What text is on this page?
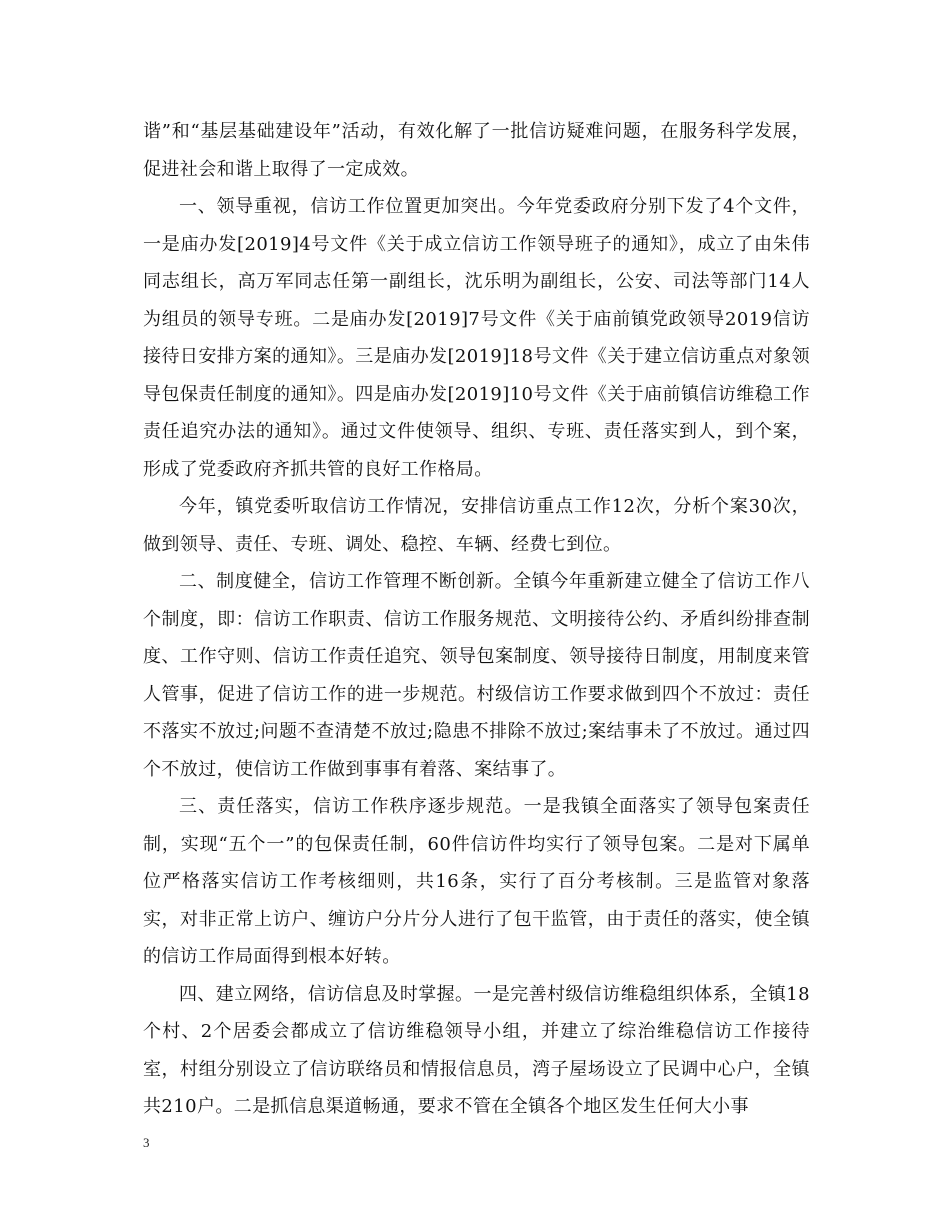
谐”和“基层基础建设年”活动，有效化解了一批信访疑难问题，在服务科学发展，促进社会和谐上取得了一定成效。

一、领导重视，信访工作位置更加突出。今年党委政府分别下发了4个文件，一是庙办发[2019]4号文件《关于成立信访工作领导班子的通知》，成立了由朱伟同志组长，高万军同志任第一副组长，沈乐明为副组长，公安、司法等部门14人为组员的领导专班。二是庙办发[2019]7号文件《关于庙前镇党政领导2019信访接待日安排方案的通知》。三是庙办发[2019]18号文件《关于建立信访重点对象领导包保责任制度的通知》。四是庙办发[2019]10号文件《关于庙前镇信访维稳工作责任追究办法的通知》。通过文件使领导、组织、专班、责任落实到人，到个案，形成了党委政府齐抓共管的良好工作格局。

今年，镇党委听取信访工作情况，安排信访重点工作12次，分析个案30次，做到领导、责任、专班、调处、稳控、车辆、经费七到位。

二、制度健全，信访工作管理不断创新。全镇今年重新建立健全了信访工作八个制度，即：信访工作职责、信访工作服务规范、文明接待公约、矛盾纠纷排查制度、工作守则、信访工作责任追究、领导包案制度、领导接待日制度，用制度来管人管事，促进了信访工作的进一步规范。村级信访工作要求做到四个不放过：责任不落实不放过;问题不查清楚不放过;隐患不排除不放过;案结事未了不放过。通过四个不放过，使信访工作做到事事有着落、案结事了。

三、责任落实，信访工作秩序逐步规范。一是我镇全面落实了领导包案责任制，实现“五个一”的包保责任制，60件信访件均实行了领导包案。二是对下属单位严格落实信访工作考核细则，共16条，实行了百分考核制。三是监管对象落实，对非正常上访户、缠访户分片分人进行了包干监管，由于责任的落实，使全镇的信访工作局面得到根本好转。

四、建立网络，信访信息及时掌握。一是完善村级信访维稳组织体系，全镇18个村、2个居委会都成立了信访维稳领导小组，并建立了综治维稳信访工作接待室，村组分别设立了信访联络员和情报信息员，湾子屋场设立了民调中心户，全镇共210户。二是抓信息渠道畅通，要求不管在全镇各个地区发生任何大小事

3
